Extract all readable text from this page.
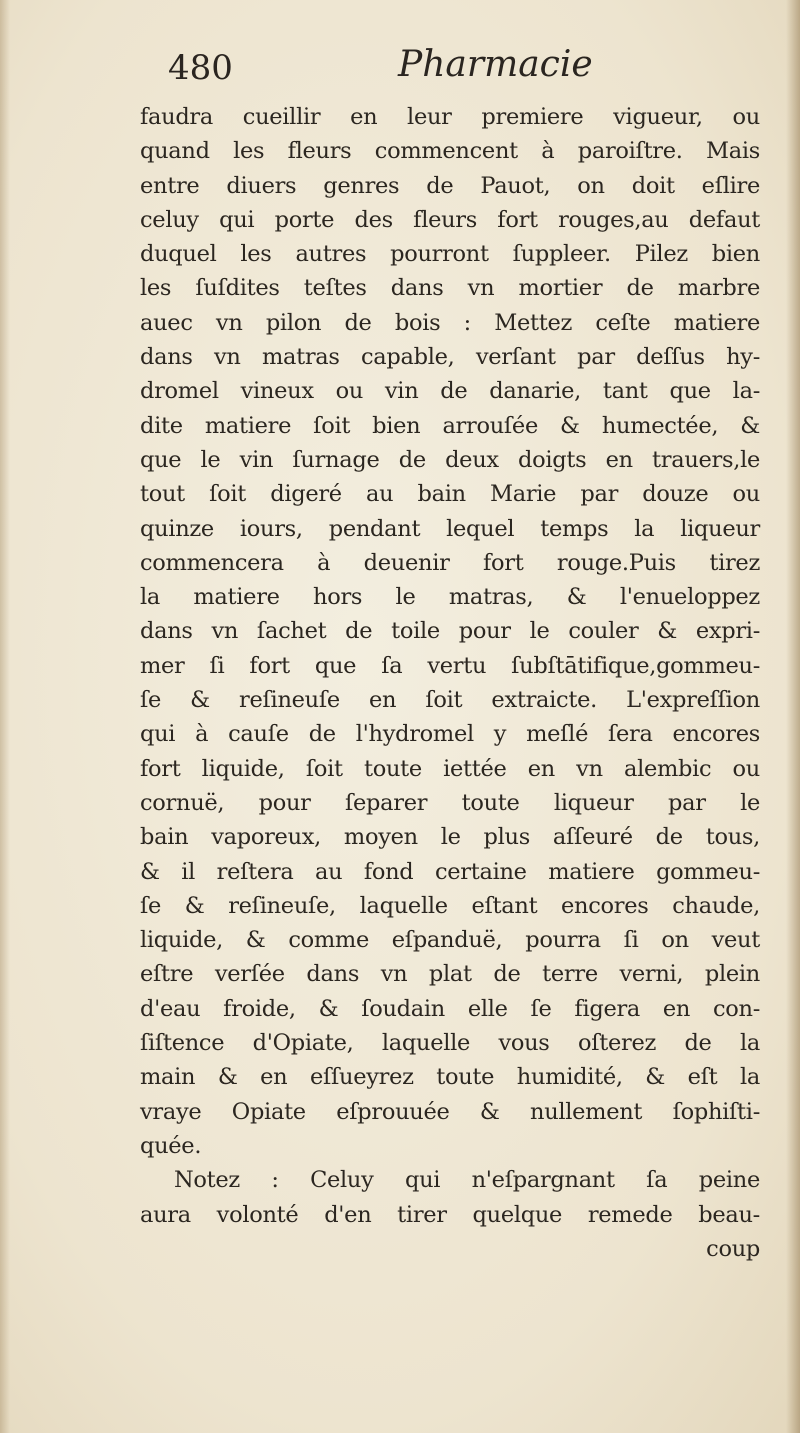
480	Pharmacie
faudra cueillir en leur premiere vigueur, ou
quand les fleurs commencent à paroiſtre. Mais
entre diuers genres de Pauot, on doit eſlire
celuy qui porte des fleurs fort rouges,au defaut
duquel les autres pourront ſuppleer. Pilez bien
les ſuſdites teſtes dans vn mortier de marbre
auec vn pilon de bois : Mettez ceſte matiere
dans vn matras capable, verſant par deſſus hy-
dromel vineux ou vin de danarie, tant que la-
dite matiere ſoit bien arrouſée & humectée, &
que le vin ſurnage de deux doigts en trauers,le
tout ſoit digeré au bain Marie par douze ou
quinze iours, pendant lequel temps la liqueur
commencera à deuenir fort rouge.Puis tirez
la matiere hors le matras, & l'enueloppez
dans vn ſachet de toile pour le couler & expri-
mer ſi fort que ſa vertu ſubſtātifique,gommeu-
ſe & reſineuſe en ſoit extraicte. L'expreſſion
qui à cauſe de l'hydromel y meſlé ſera encores
fort liquide, ſoit toute iettée en vn alembic ou
cornuë, pour ſeparer toute liqueur par le
bain vaporeux, moyen le plus aſſeuré de tous,
& il reſtera au fond certaine matiere gommeu-
ſe & reſineuſe, laquelle eſtant encores chaude,
liquide, & comme eſpanduë, pourra ſi on veut
eſtre verſée dans vn plat de terre verni, plein
d'eau froide, & ſoudain elle ſe figera en con-
ſiſtence d'Opiate, laquelle vous oſterez de la
main & en eſſueyrez toute humidité, & eſt la
vraye Opiate eſprouuée & nullement ſophiſti-
quée.
Notez : Celuy qui n'eſpargnant ſa peine
aura volonté d'en tirer quelque remede beau-
coup
